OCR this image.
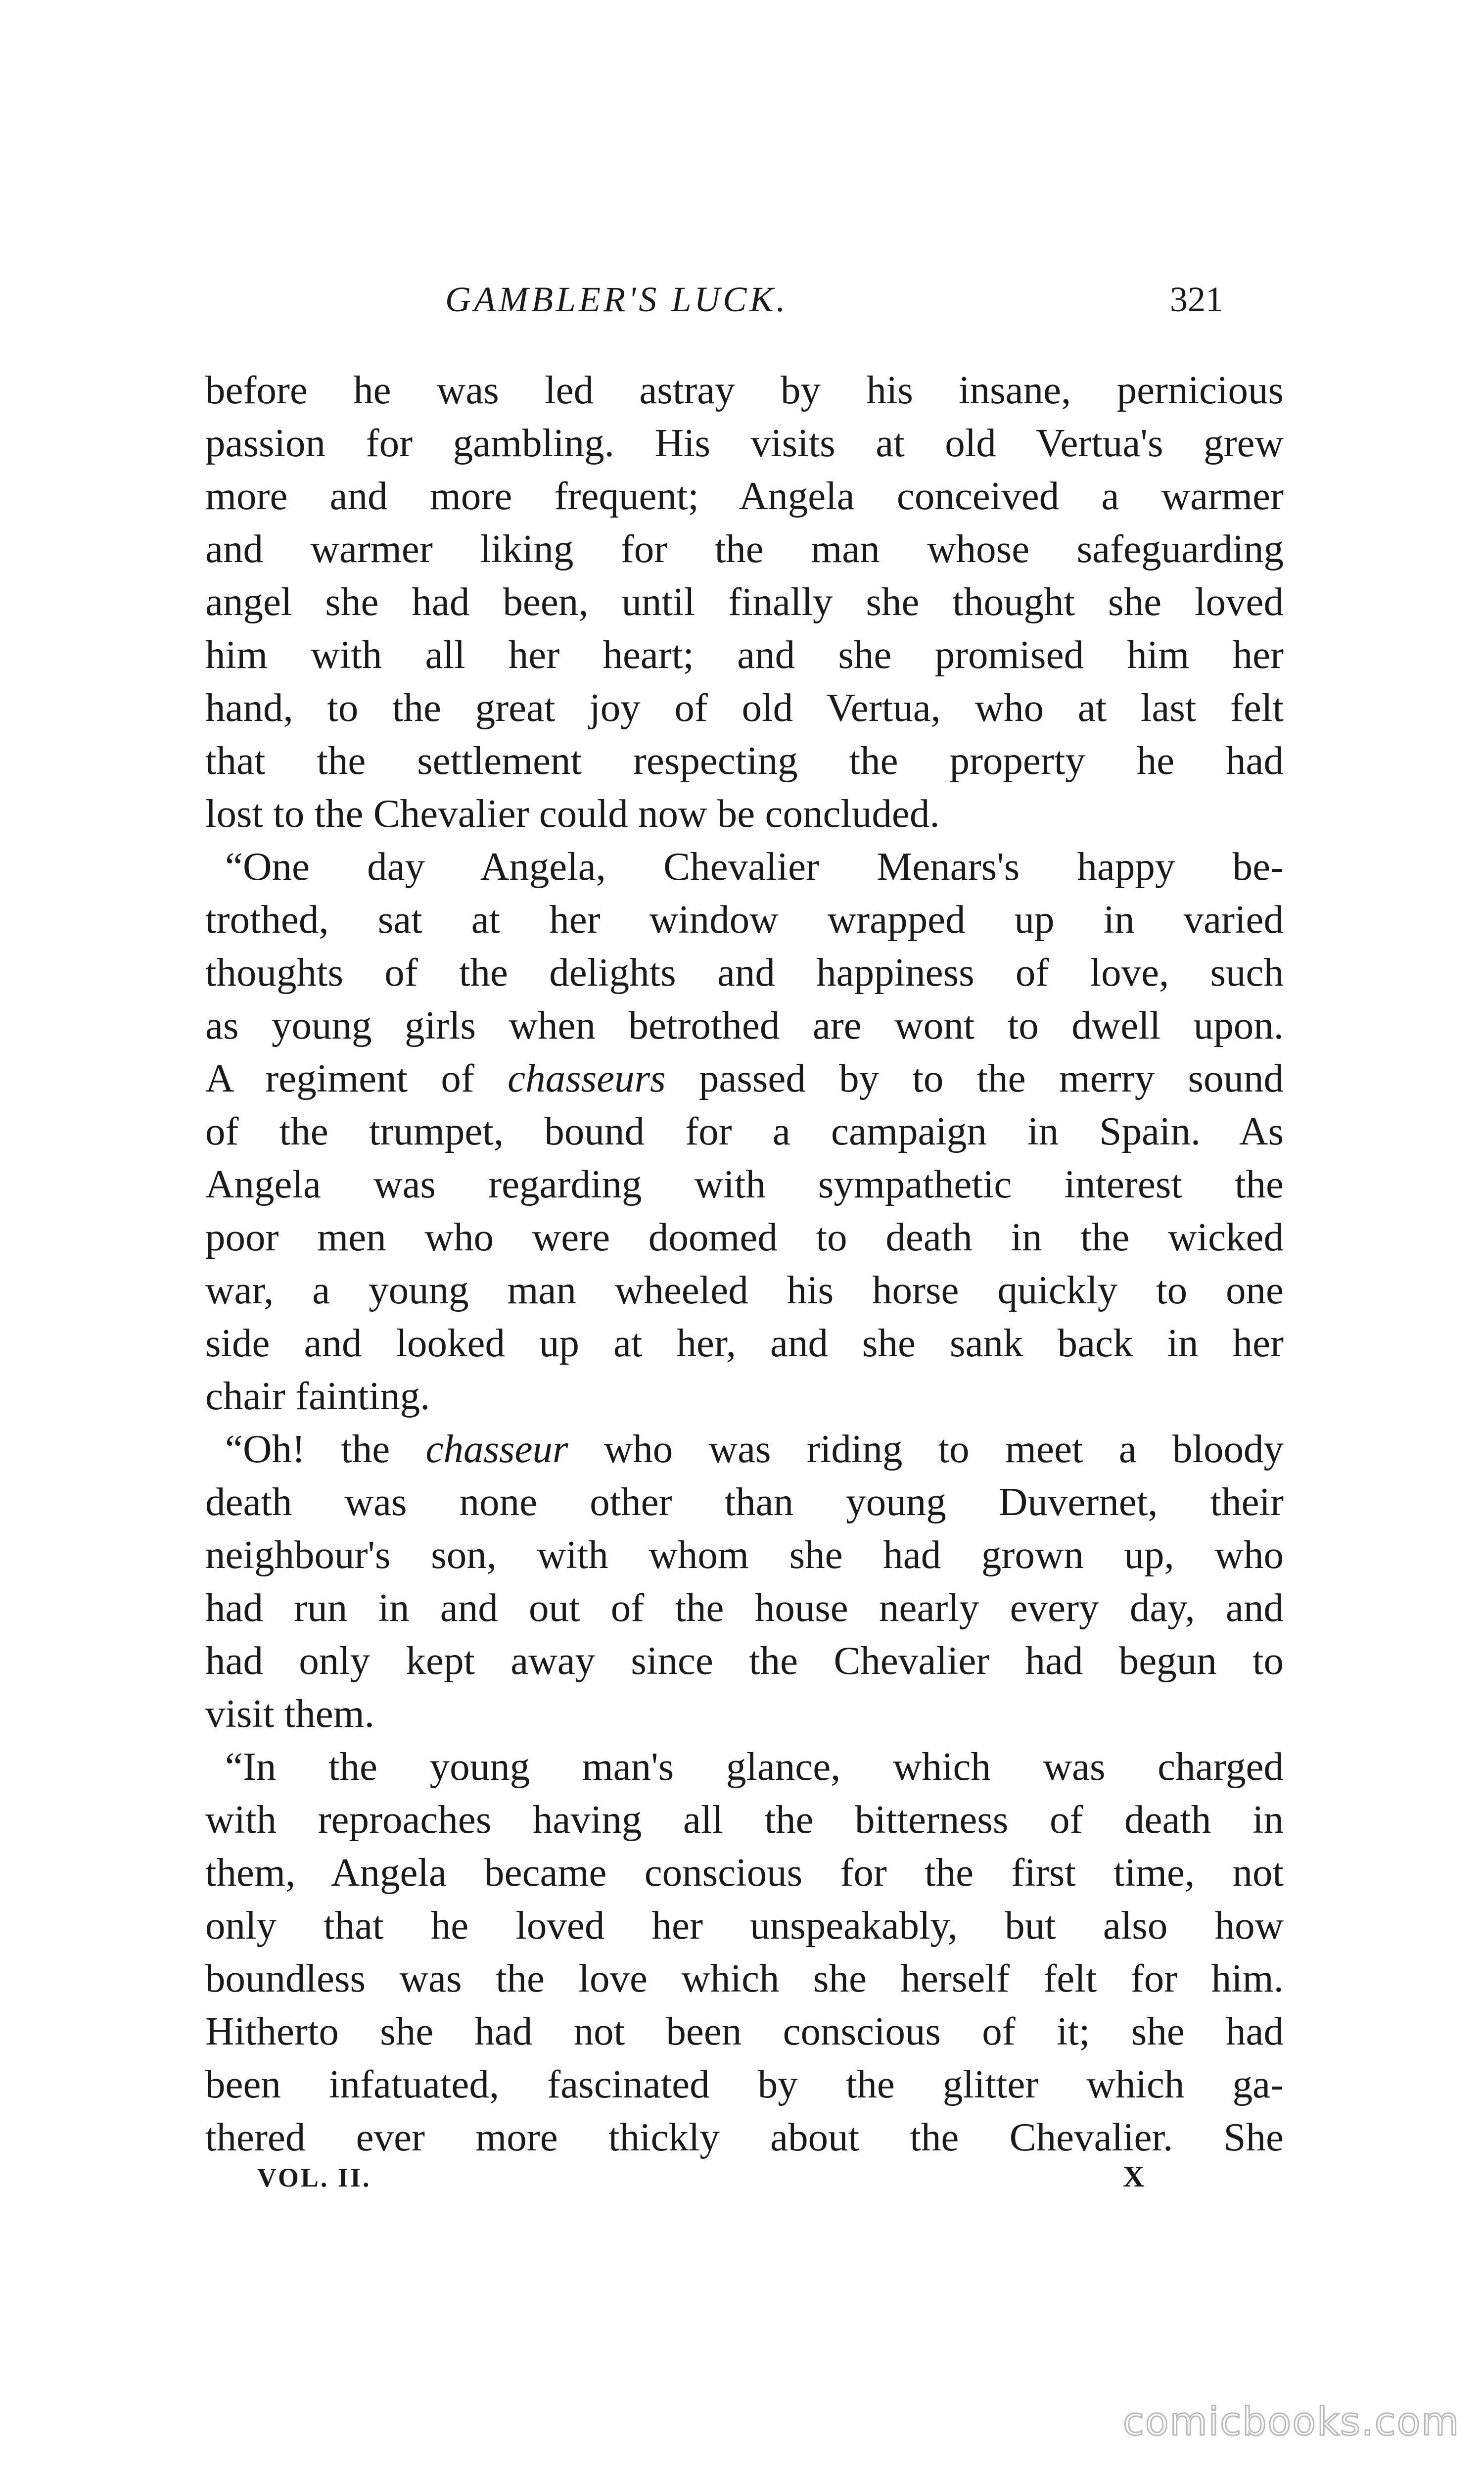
GAMBLER'S LUCK.	321
before he was led astray by his insane, pernicious
passion for gambling. His visits at old Vertua's grew
more and more frequent; Angela conceived a warmer
and warmer liking for the man whose safeguarding
angel she had been, until finally she thought she loved
him with all her heart; and she promised him her
hand, to the great joy of old Vertua, who at last felt
that the settlement respecting the property he had
lost to the Chevalier could now be concluded.
“One day Angela, Chevalier Menars's happy be-
trothed, sat at her window wrapped up in varied
thoughts of the delights and happiness of love, such
as young girls when betrothed are wont to dwell upon.
A regiment of chasseurs passed by to the merry sound
of the trumpet, bound for a campaign in Spain. As
Angela was regarding with sympathetic interest the
poor men who were doomed to death in the wicked
war, a young man wheeled his horse quickly to one
side and looked up at her, and she sank back in her
chair fainting.
“Oh! the chasseur who was riding to meet a bloody
death was none other than young Duvernet, their
neighbour's son, with whom she had grown up, who
had run in and out of the house nearly every day, and
had only kept away since the Chevalier had begun to
visit them.
“In the young man's glance, which was charged
with reproaches having all the bitterness of death in
them, Angela became conscious for the first time, not
only that he loved her unspeakably, but also how
boundless was the love which she herself felt for him.
Hitherto she had not been conscious of it; she had
been infatuated, fascinated by the glitter which ga-
thered ever more thickly about the Chevalier. She
VOL. II.	X
comicbooks.com
